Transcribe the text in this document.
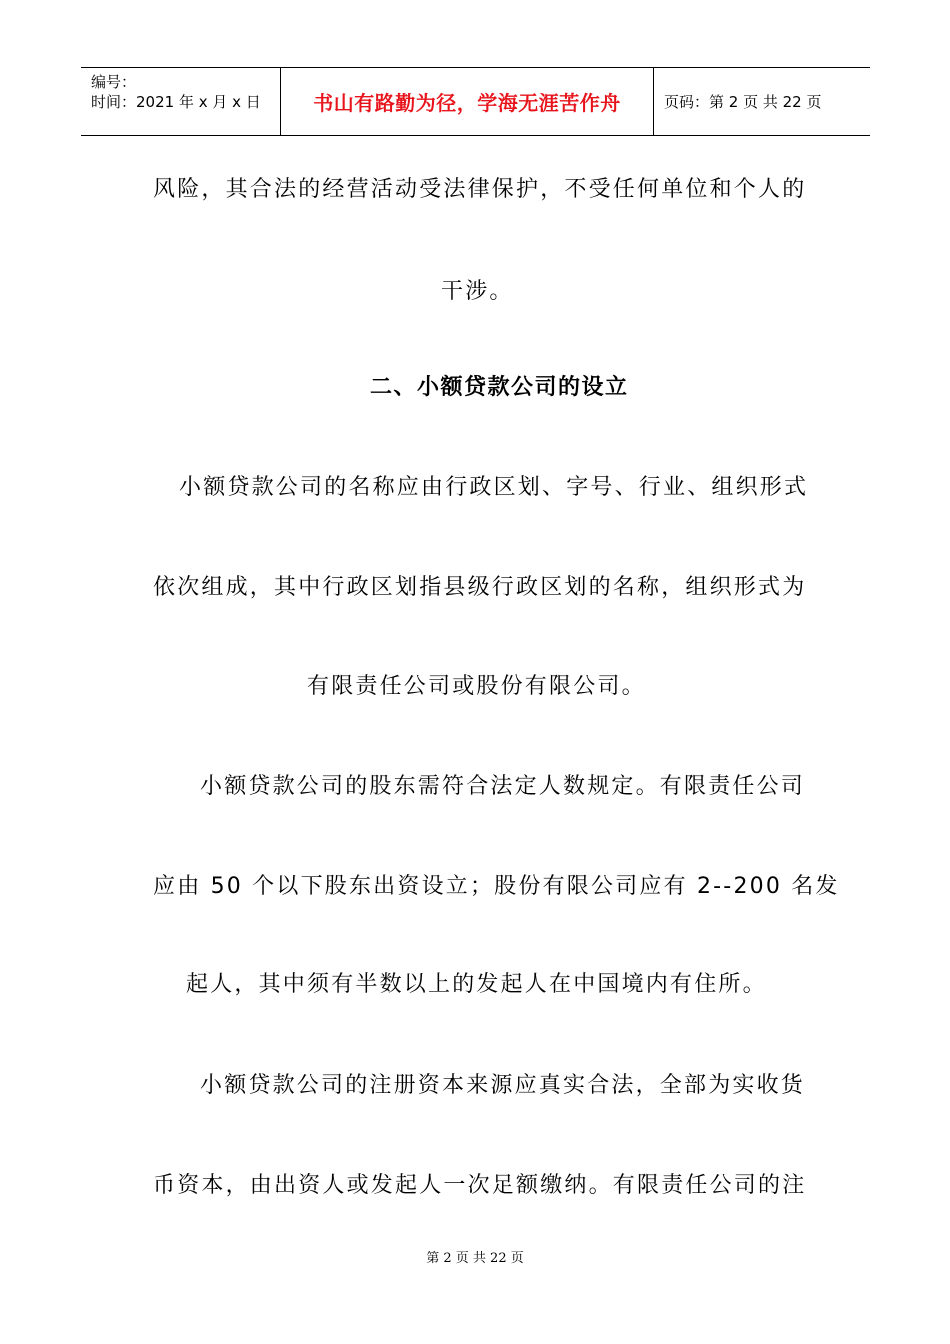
编号：
时间：2021 年 x 月 x 日	书山有路勤为径，学海无涯苦作舟	页码：第 2 页 共 22 页
风险，其合法的经营活动受法律保护，不受任何单位和个人的
干涉。
二、小额贷款公司的设立
小额贷款公司的名称应由行政区划、字号、行业、组织形式
依次组成，其中行政区划指县级行政区划的名称，组织形式为
有限责任公司或股份有限公司。
小额贷款公司的股东需符合法定人数规定。有限责任公司
应由 50 个以下股东出资设立；股份有限公司应有 2--200 名发
起人，其中须有半数以上的发起人在中国境内有住所。
小额贷款公司的注册资本来源应真实合法，全部为实收货
币资本，由出资人或发起人一次足额缴纳。有限责任公司的注
第 2 页 共 22 页
